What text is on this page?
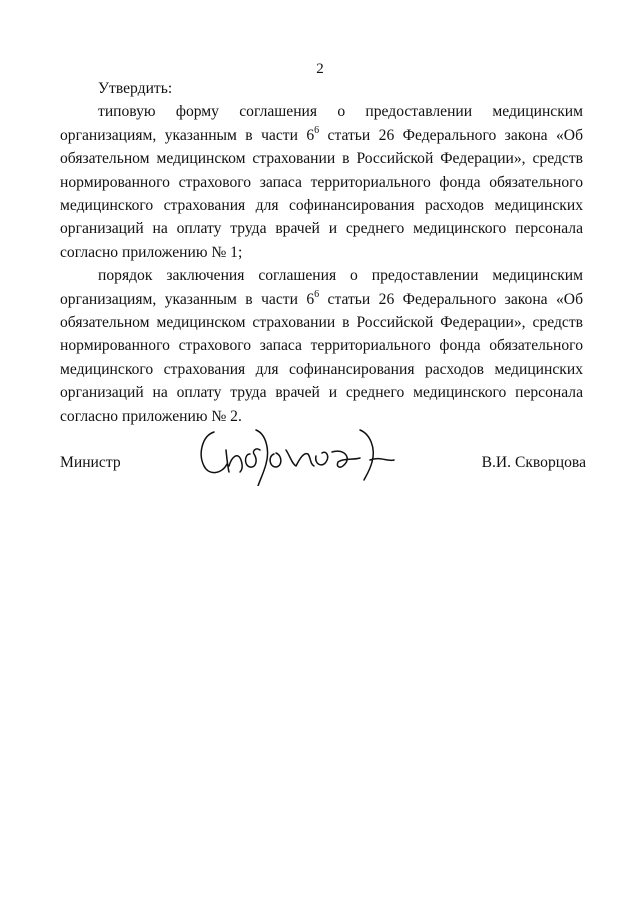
2

Утвердить:

типовую форму соглашения о предоставлении медицинским организациям, указанным в части $6^6$ статьи 26 Федерального закона «Об обязательном медицинском страховании в Российской Федерации», средств нормированного страхового запаса территориального фонда обязательного медицинского страхования для софинансирования расходов медицинских организаций на оплату труда врачей и среднего медицинского персонала согласно приложению № 1;

порядок заключения соглашения о предоставлении медицинским организациям, указанным в части $6^6$ статьи 26 Федерального закона «Об обязательном медицинском страховании в Российской Федерации», средств нормированного страхового запаса территориального фонда обязательного медицинского страхования для софинансирования расходов медицинских организаций на оплату труда врачей и среднего медицинского персонала согласно приложению № 2.

Министр	В.И. Скворцова
